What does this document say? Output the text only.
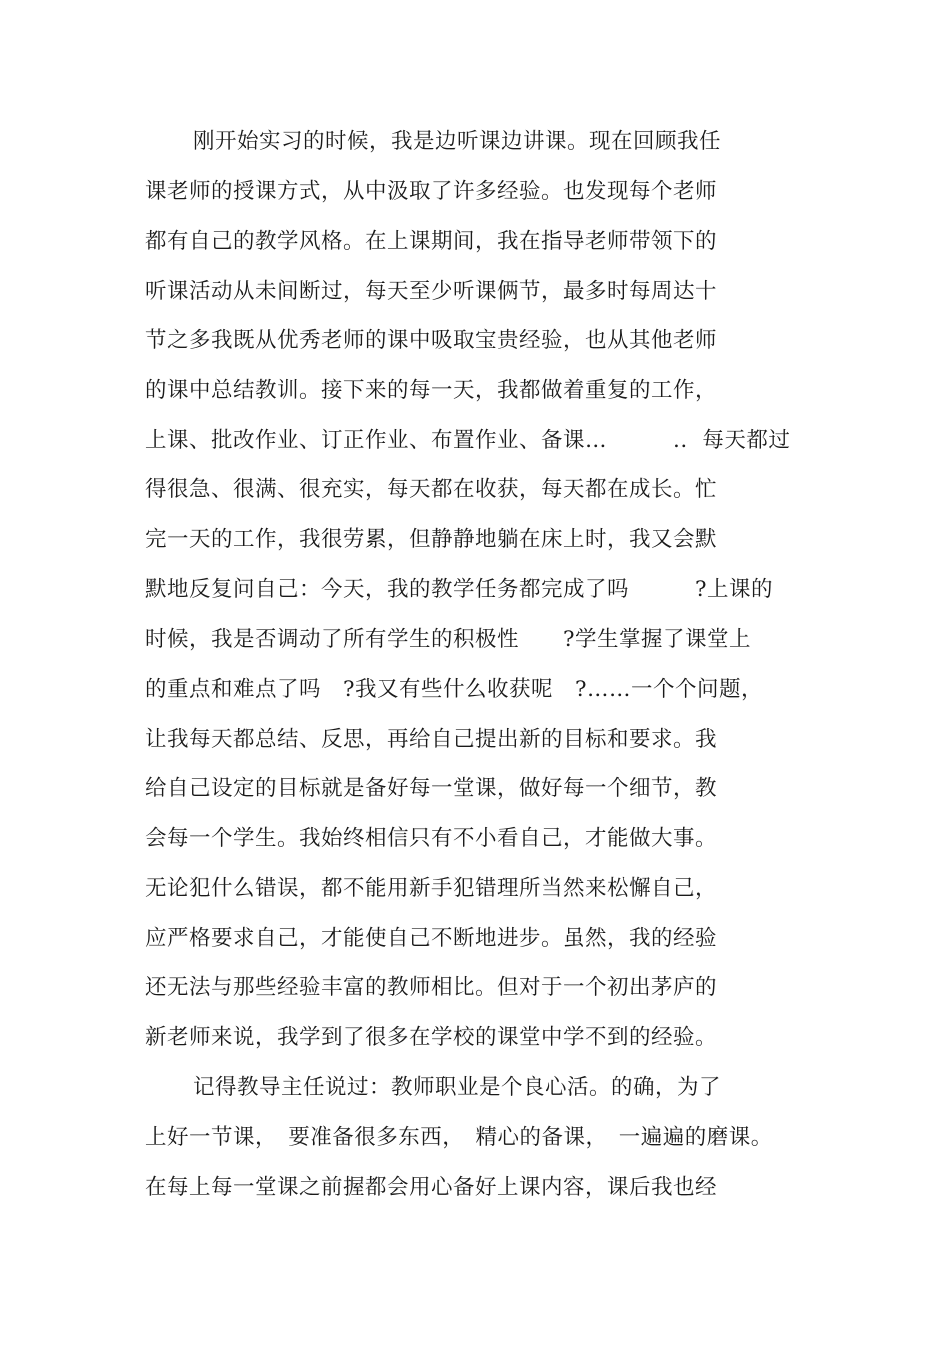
刚开始实习的时候，我是边听课边讲课。现在回顾我任
课老师的授课方式，从中汲取了许多经验。也发现每个老师
都有自己的教学风格。在上课期间，我在指导老师带领下的
听课活动从未间断过，每天至少听课俩节，最多时每周达十
节之多我既从优秀老师的课中吸取宝贵经验，也从其他老师
的课中总结教训。接下来的每一天，我都做着重复的工作，
上课、批改作业、订正作业、布置作业、备课…　　　..  每天都过
得很急、很满、很充实，每天都在收获，每天都在成长。忙
完一天的工作，我很劳累，但静静地躺在床上时，我又会默
默地反复问自己：今天，我的教学任务都完成了吗　　　?上课的
时候，我是否调动了所有学生的积极性　　?学生掌握了课堂上
的重点和难点了吗　?我又有些什么收获呢　?……一个个问题，
让我每天都总结、反思，再给自己提出新的目标和要求。我
给自己设定的目标就是备好每一堂课，做好每一个细节，教
会每一个学生。我始终相信只有不小看自己，才能做大事。
无论犯什么错误，都不能用新手犯错理所当然来松懈自己，
应严格要求自己，才能使自己不断地进步。虽然，我的经验
还无法与那些经验丰富的教师相比。但对于一个初出茅庐的
新老师来说，我学到了很多在学校的课堂中学不到的经验。
记得教导主任说过：教师职业是个良心活。的确，为了
上好一节课，　要准备很多东西，　精心的备课，　一遍遍的磨课。
在每上每一堂课之前握都会用心备好上课内容，课后我也经
